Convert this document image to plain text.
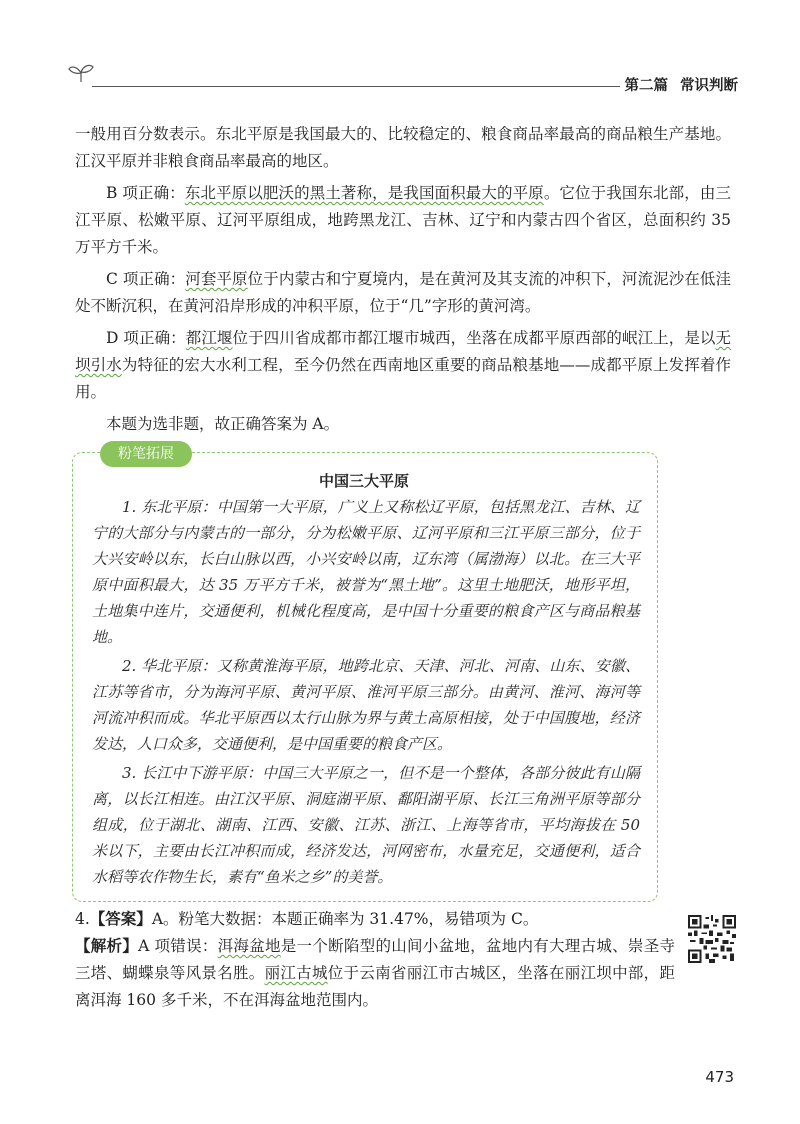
第二篇 常识判断

一般用百分数表示。东北平原是我国最大的、比较稳定的、粮食商品率最高的商品粮生产基地。江汉平原并非粮食商品率最高的地区。

B 项正确：东北平原以肥沃的黑土著称，是我国面积最大的平原。它位于我国东北部，由三江平原、松嫩平原、辽河平原组成，地跨黑龙江、吉林、辽宁和内蒙古四个省区，总面积约 35 万平方千米。

C 项正确：河套平原位于内蒙古和宁夏境内，是在黄河及其支流的冲积下，河流泥沙在低洼处不断沉积，在黄河沿岸形成的冲积平原，位于“几”字形的黄河湾。

D 项正确：都江堰位于四川省成都市都江堰市城西，坐落在成都平原西部的岷江上，是以无坝引水为特征的宏大水利工程，至今仍然在西南地区重要的商品粮基地——成都平原上发挥着作用。

本题为选非题，故正确答案为 A。

粉笔拓展
中国三大平原

1. 东北平原：中国第一大平原，广义上又称松辽平原，包括黑龙江、吉林、辽宁的大部分与内蒙古的一部分，分为松嫩平原、辽河平原和三江平原三部分，位于大兴安岭以东，长白山脉以西，小兴安岭以南，辽东湾（属渤海）以北。在三大平原中面积最大，达 35 万平方千米，被誉为“黑土地”。这里土地肥沃，地形平坦，土地集中连片，交通便利，机械化程度高，是中国十分重要的粮食产区与商品粮基地。

2. 华北平原：又称黄淮海平原，地跨北京、天津、河北、河南、山东、安徽、江苏等省市，分为海河平原、黄河平原、淮河平原三部分。由黄河、淮河、海河等河流冲积而成。华北平原西以太行山脉为界与黄土高原相接，处于中国腹地，经济发达，人口众多，交通便利，是中国重要的粮食产区。

3. 长江中下游平原：中国三大平原之一，但不是一个整体，各部分彼此有山隔离，以长江相连。由江汉平原、洞庭湖平原、鄱阳湖平原、长江三角洲平原等部分组成，位于湖北、湖南、江西、安徽、江苏、浙江、上海等省市，平均海拔在 50 米以下，主要由长江冲积而成，经济发达，河网密布，水量充足，交通便利，适合水稻等农作物生长，素有“鱼米之乡”的美誉。

4.【答案】A。粉笔大数据：本题正确率为 31.47%，易错项为 C。

【解析】A 项错误：洱海盆地是一个断陷型的山间小盆地，盆地内有大理古城、崇圣寺三塔、蝴蝶泉等风景名胜。丽江古城位于云南省丽江市古城区，坐落在丽江坝中部，距离洱海 160 多千米，不在洱海盆地范围内。

473
